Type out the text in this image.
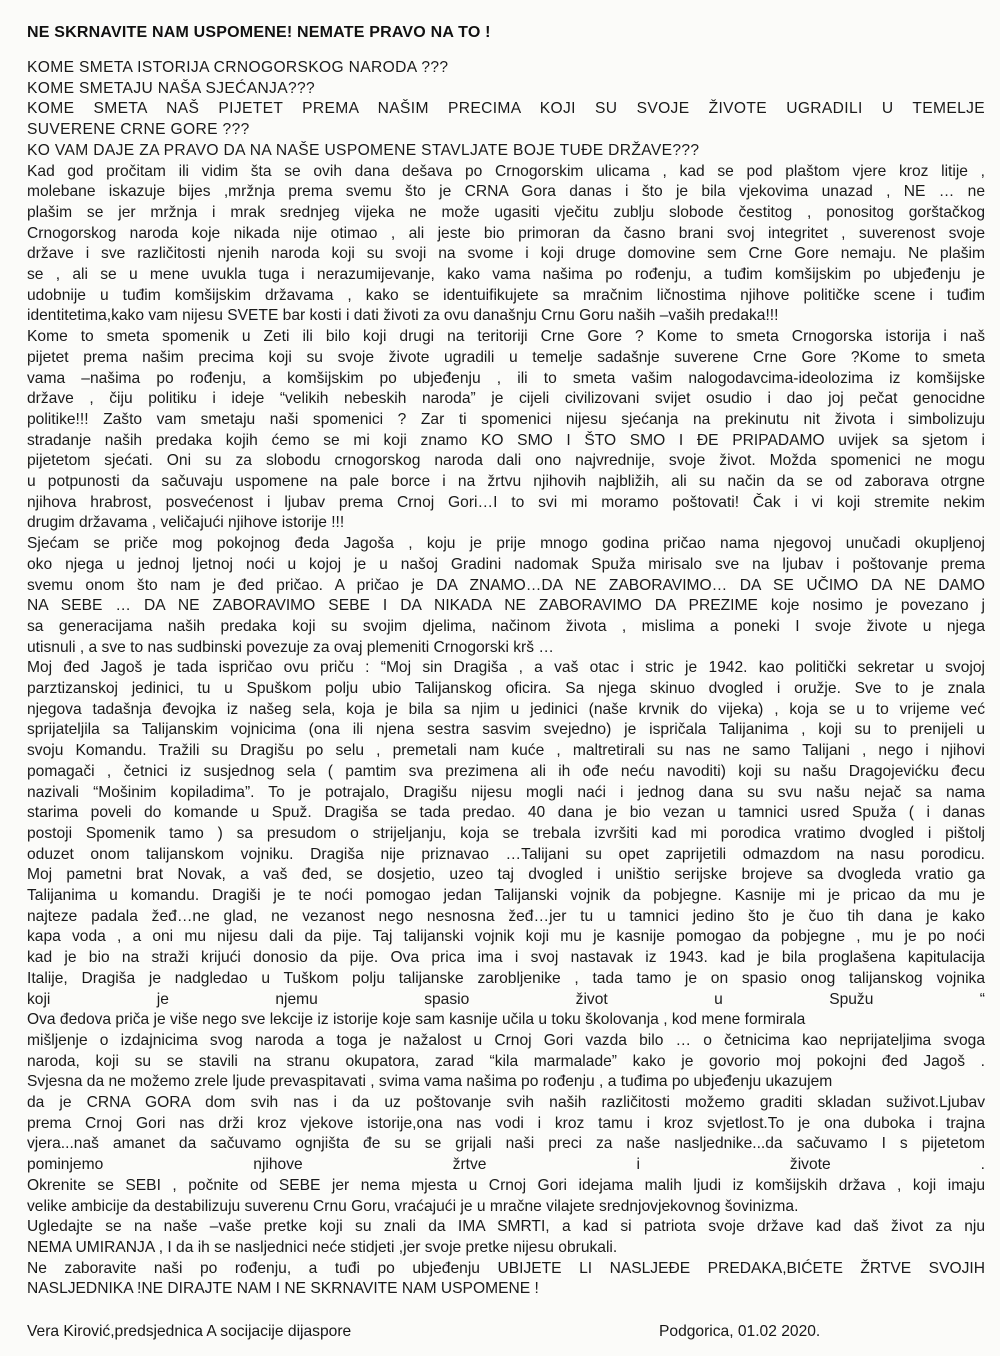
NE SKRNAVITE NAM USPOMENE! NEMATE PRAVO NA TO !
KOME SMETA ISTORIJA CRNOGORSKOG NARODA ???
KOME SMETAJU NAŠA SJEĆANJA???
KOME SMETA NAŠ PIJETET PREMA NAŠIM PRECIMA KOJI SU SVOJE ŽIVOTE UGRADILI U TEMELJE
SUVERENE CRNE GORE ???
KO VAM DAJE ZA PRAVO DA NA NAŠE USPOMENE STAVLJATE BOJE TUĐE DRŽAVE???
Kad god pročitam ili vidim šta se ovih dana dešava po Crnogorskim ulicama , kad se pod plaštom vjere kroz litije ,
molebane iskazuje bijes ,mržnja prema svemu što je CRNA Gora danas i što je bila vjekovima unazad , NE … ne
plašim se jer mržnja i mrak srednjeg vijeka ne može ugasiti vječitu zublju slobode čestitog , ponositog gorštačkog
Crnogorskog naroda koje nikada nije otimao , ali jeste bio primoran da časno brani svoj integritet , suverenost svoje
države i sve različitosti njenih naroda koji su svoji na svome i koji druge domovine sem Crne Gore nemaju. Ne plašim
se , ali se u mene uvukla tuga i nerazumijevanje, kako vama našima po rođenju, a tuđim komšijskim po ubjeđenju je
udobnije u tuđim komšijskim državama , kako se identuifikujete sa mračnim ličnostima njihove političke scene i tuđim
identitetima,kako vam nijesu SVETE bar kosti i dati životi za ovu današnju Crnu Goru naših –vaših predaka!!!
Kome to smeta spomenik u Zeti ili bilo koji drugi na teritoriji Crne Gore ? Kome to smeta Crnogorska istorija i naš
pijetet prema našim precima koji su svoje živote ugradili u temelje sadašnje suverene Crne Gore ?Kome to smeta
vama –našima po rođenju, a komšijskim po ubjeđenju , ili to smeta vašim nalogodavcima-ideolozima iz komšijske
države , čiju politiku i ideje “velikih nebeskih naroda” je cijeli civilizovani svijet osudio i dao joj pečat genocidne
politike!!! Zašto vam smetaju naši spomenici ? Zar ti spomenici nijesu sjećanja na prekinutu nit života i simbolizuju
stradanje naših predaka kojih ćemo se mi koji znamo KO SMO I ŠTO SMO I ĐE PRIPADAMO uvijek sa sjetom i
pijetetom sjećati. Oni su za slobodu crnogorskog naroda dali ono najvrednije, svoje život. Možda spomenici ne mogu
u potpunosti da sačuvaju uspomene na pale borce i na žrtvu njihovih najbližih, ali su način da se od zaborava otrgne
njihova hrabrost, posvećenost i ljubav prema Crnoj Gori…I to svi mi moramo poštovati! Čak i vi koji stremite nekim
drugim državama , veličajući njihove istorije !!!
Sjećam se priče mog pokojnog đeda Jagoša , koju je prije mnogo godina pričao nama njegovoj unučadi okupljenoj
oko njega u jednoj ljetnoj noći u kojoj je u našoj Gradini nadomak Spuža mirisalo sve na ljubav i poštovanje prema
svemu onom što nam je đed pričao. A pričao je DA ZNAMO…DA NE ZABORAVIMO… DA SE UČIMO DA NE DAMO
NA SEBE … DA NE ZABORAVIMO SEBE I DA NIKADA NE ZABORAVIMO DA PREZIME koje nosimo je povezano j
sa generacijama naših predaka koji su svojim djelima, načinom života , mislima a poneki I svoje živote u njega
utisnuli , a sve to nas sudbinski povezuje za ovaj plemeniti Crnogorski krš …
Moj đed Jagoš je tada ispričao ovu priču : “Moj sin Dragiša , a vaš otac i stric je 1942. kao politički sekretar u svojoj
parztizanskoj jedinici, tu u Spuškom polju ubio Talijanskog oficira. Sa njega skinuo dvogled i oružje. Sve to je znala
njegova tadašnja đevojka iz našeg sela, koja je bila sa njim u jedinici (naše krvnik do vijeka) , koja se u to vrijeme već
sprijateljila sa Talijanskim vojnicima (ona ili njena sestra sasvim svejedno) je ispričala Talijanima , koji su to prenijeli u
svoju Komandu. Tražili su Dragišu po selu , premetali nam kuće , maltretirali su nas ne samo Talijani , nego i njihovi
pomagači , četnici iz susjednog sela ( pamtim sva prezimena ali ih ođe neću navoditi) koji su našu Dragojevićku đecu
nazivali “Mošinim kopiladima”. To je potrajalo, Dragišu nijesu mogli naći i jednog dana su svu našu nejač sa nama
starima poveli do komande u Spuž. Dragiša se tada predao. 40 dana je bio vezan u tamnici usred Spuža ( i danas
postoji Spomenik tamo ) sa presudom o strijeljanju, koja se trebala izvršiti kad mi porodica vratimo dvogled i pištolj
oduzet onom talijanskom vojniku. Dragiša nije priznavao …Talijani su opet zaprijetili odmazdom na nasu porodicu.
Moj pametni brat Novak, a vaš đed, se dosjetio, uzeo taj dvogled i uništio serijske brojeve sa dvogleda vratio ga
Talijanima u komandu. Dragiši je te noći pomogao jedan Talijanski vojnik da pobjegne. Kasnije mi je pricao da mu je
najteze padala žeđ…ne glad, ne vezanost nego nesnosna žeđ…jer tu u tamnici jedino što je čuo tih dana je kako
kapa voda , a oni mu nijesu dali da pije. Taj talijanski vojnik koji mu je kasnije pomogao da pobjegne , mu je po noći
kad je bio na straži krijući donosio da pije. Ova prica ima i svoj nastavak iz 1943. kad je bila proglašena kapitulacija
Italije, Dragiša je nadgledao u Tuškom polju talijanske zarobljenike , tada tamo je on spasio onog talijanskog vojnika
koji je njemu spasio život u Spužu “
Ova đedova priča je više nego sve lekcije iz istorije koje sam kasnije učila u toku školovanja , kod mene formirala
mišljenje o izdajnicima svog naroda a toga je nažalost u Crnoj Gori vazda bilo … o četnicima kao neprijateljima svoga
naroda, koji su se stavili na stranu okupatora, zarad “kila marmalade” kako je govorio moj pokojni đed Jagoš .
Svjesna da ne možemo zrele ljude prevaspitavati , svima vama našima po rođenju , a tuđima po ubjeđenju ukazujem
da je CRNA GORA dom svih nas i da uz poštovanje svih naših različitosti možemo graditi skladan suživot.Ljubav
prema Crnoj Gori nas drži kroz vjekove istorije,ona nas vodi i kroz tamu i kroz svjetlost.To je ona duboka i trajna
vjera...naš amanet da sačuvamo ognjišta đe su se grijali naši preci za naše nasljednike...da sačuvamo I s pijetetom
pominjemo njihove žrtve i živote .
Okrenite se SEBI , počnite od SEBE jer nema mjesta u Crnoj Gori idejama malih ljudi iz komšijskih država , koji imaju
velike ambicije da destabilizuju suverenu Crnu Goru, vraćajući je u mračne vilajete srednjovjekovnog šovinizma.
Ugledajte se na naše –vaše pretke koji su znali da IMA SMRTI, a kad si patriota svoje države kad daš život za nju
NEMA UMIRANJA , I da ih se nasljednici neće stidjeti ,jer svoje pretke nijesu obrukali.
Ne zaboravite naši po rođenju, a tuđi po ubjeđenju UBIJETE LI NASLJEĐE PREDAKA,BIĆETE ŽRTVE SVOJIH
NASLJEDNIKA !NE DIRAJTE NAM I NE SKRNAVITE NAM USPOMENE !
Vera Kirović,predsjednica A socijacije dijaspore	Podgorica, 01.02 2020.
